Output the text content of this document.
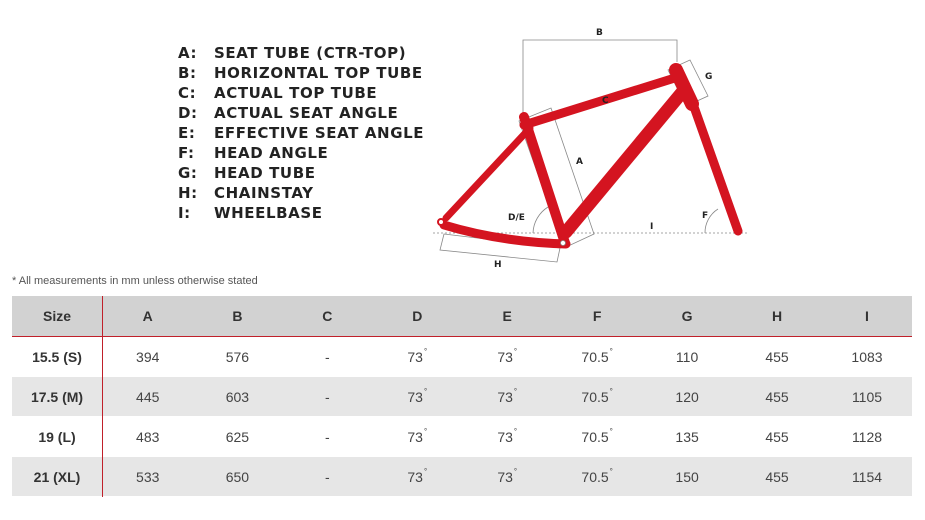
A: SEAT TUBE (CTR-TOP)
B: HORIZONTAL TOP TUBE
C: ACTUAL TOP TUBE
D: ACTUAL SEAT ANGLE
E: EFFECTIVE SEAT ANGLE
F: HEAD ANGLE
G: HEAD TUBE
H: CHAINSTAY
I: WHEELBASE
A
B
C
D/E	F
G
H
I
* All measurements in mm unless otherwise stated
Size	A	B	C	D	E	F	G	H	I
15.5 (S)	394	576	-	73°	73°	70.5°	110	455	1083
17.5 (M)	445	603	-	73°	73°	70.5°	120	455	1105
19 (L)	483	625	-	73°	73°	70.5°	135	455	1128
21 (XL)	533	650	-	73°	73°	70.5°	150	455	1154
